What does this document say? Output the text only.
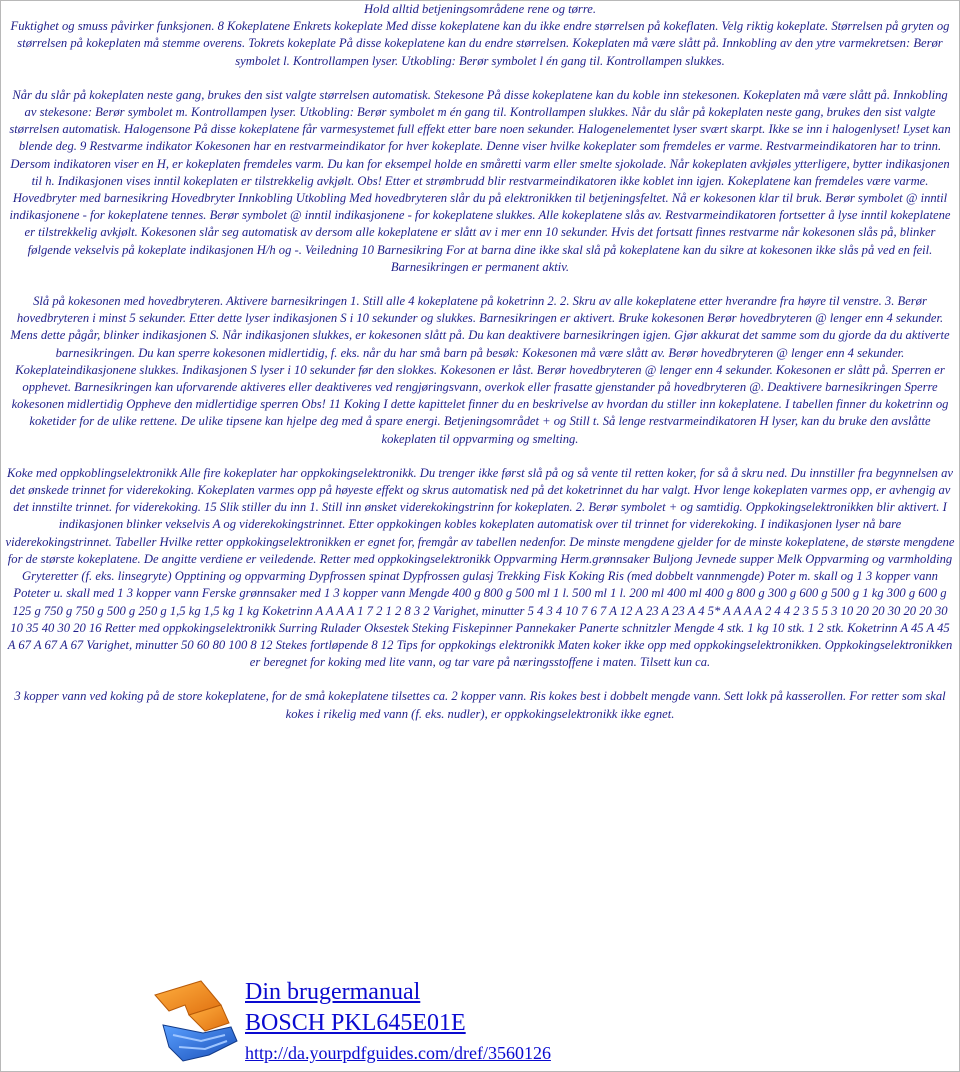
Hold alltid betjeningsområdene rene og tørre.

Fuktighet og smuss påvirker funksjonen. 8 Kokeplatene Enkrets kokeplate Med disse kokeplatene kan du ikke endre størrelsen på kokeflaten. Velg riktig kokeplate. Størrelsen på gryten og størrelsen på kokeplaten må stemme overens. Tokrets kokeplate På disse kokeplatene kan du endre størrelsen. Kokeplaten må være slått på. Innkobling av den ytre varmekretsen: Berør symbolet l. Kontrollampen lyser. Utkobling: Berør symbolet l én gang til. Kontrollampen slukkes.

Når du slår på kokeplaten neste gang, brukes den sist valgte størrelsen automatisk. Stekesone På disse kokeplatene kan du koble inn stekesonen. Kokeplaten må være slått på. Innkobling av stekesone: Berør symbolet m. Kontrollampen lyser. Utkobling: Berør symbolet m én gang til. Kontrollampen slukkes. Når du slår på kokeplaten neste gang, brukes den sist valgte størrelsen automatisk. Halogensone På disse kokeplatene får varmesystemet full effekt etter bare noen sekunder. Halogenelementet lyser svært skarpt. Ikke se inn i halogenlyset! Lyset kan blende deg. 9 Restvarme indikator Kokesonen har en restvarmeindikator for hver kokeplate. Denne viser hvilke kokeplater som fremdeles er varme. Restvarmeindikatoren har to trinn. Dersom indikatoren viser en H, er kokeplaten fremdeles varm. Du kan for eksempel holde en småretti varm eller smelte sjokolade. Når kokeplaten avkjøles ytterligere, bytter indikasjonen til h. Indikasjonen vises inntil kokeplaten er tilstrekkelig avkjølt. Obs! Etter et strømbrudd blir restvarmeindikatoren ikke koblet inn igjen. Kokeplatene kan fremdeles være varme. Hovedbryter med barnesikring Hovedbryter Innkobling Utkobling Med hovedbryteren slår du på elektronikken til betjeningsfeltet. Nå er kokesonen klar til bruk. Berør symbolet @ inntil indikasjonene - for kokeplatene tennes. Berør symbolet @ inntil indikasjonene - for kokeplatene slukkes. Alle kokeplatene slås av. Restvarmeindikatoren fortsetter å lyse inntil kokeplatene er tilstrekkelig avkjølt. Kokesonen slår seg automatisk av dersom alle kokeplatene er slått av i mer enn 10 sekunder. Hvis det fortsatt finnes restvarme når kokesonen slås på, blinker følgende vekselvis på kokeplate indikasjonen H/h og -. Veiledning 10 Barnesikring For at barna dine ikke skal slå på kokeplatene kan du sikre at kokesonen ikke slås på ved en feil. Barnesikringen er permanent aktiv.

Slå på kokesonen med hovedbryteren. Aktivere barnesikringen 1. Still alle 4 kokeplatene på koketrinn 2. 2. Skru av alle kokeplatene etter hverandre fra høyre til venstre. 3. Berør hovedbryteren i minst 5 sekunder. Etter dette lyser indikasjonen S i 10 sekunder og slukkes. Barnesikringen er aktivert. Bruke kokesonen Berør hovedbryteren @ lenger enn 4 sekunder. Mens dette pågår, blinker indikasjonen S. Når indikasjonen slukkes, er kokesonen slått på. Du kan deaktivere barnesikringen igjen. Gjør akkurat det samme som du gjorde da du aktiverte barnesikringen. Du kan sperre kokesonen midlertidig, f. eks. når du har små barn på besøk: Kokesonen må være slått av. Berør hovedbryteren @ lenger enn 4 sekunder. Kokeplateindikasjonene slukkes. Indikasjonen S lyser i 10 sekunder før den slokkes. Kokesonen er låst. Berør hovedbryteren @ lenger enn 4 sekunder. Kokesonen er slått på. Sperren er opphevet. Barnesikringen kan uforvarende aktiveres eller deaktiveres ved rengjøringsvann, overkok eller frasatte gjenstander på hovedbryteren @. Deaktivere barnesikringen Sperre kokesonen midlertidig Oppheve den midlertidige sperren Obs! 11 Koking I dette kapittelet finner du en beskrivelse av hvordan du stiller inn kokeplatene. I tabellen finner du koketrinn og koketider for de ulike rettene. De ulike tipsene kan hjelpe deg med å spare energi. Betjeningsområdet + og Still t. Så lenge restvarmeindikatoren H lyser, kan du bruke den avslåtte kokeplaten til oppvarming og smelting.

Koke med oppkoblingselektronikk Alle fire kokeplater har oppkokingselektronikk. Du trenger ikke først slå på og så vente til retten koker, for så å skru ned. Du innstiller fra begynnelsen av det ønskede trinnet for viderekoking. Kokeplaten varmes opp på høyeste effekt og skrus automatisk ned på det koketrinnet du har valgt. Hvor lenge kokeplaten varmes opp, er avhengig av det innstilte trinnet. for viderekoking. 15 Slik stiller du inn 1. Still inn ønsket viderekokingstrinn for kokeplaten. 2. Berør symbolet + og samtidig. Oppkokingselektronikken blir aktivert. I indikasjonen blinker vekselvis A og viderekokingstrinnet. Etter oppkokingen kobles kokeplaten automatisk over til trinnet for viderekoking. I indikasjonen lyser nå bare viderekokingstrinnet. Tabeller Hvilke retter oppkokingselektronikken er egnet for, fremgår av tabellen nedenfor. De minste mengdene gjelder for de minste kokeplatene, de største mengdene for de største kokeplatene. De angitte verdiene er veiledende. Retter med oppkokingselektronikk Oppvarming Herm.grønnsaker Buljong Jevnede supper Melk Oppvarming og varmholding Gryteretter (f. eks. linsegryte) Opptining og oppvarming Dypfrossen spinat Dypfrossen gulasj Trekking Fisk Koking Ris (med dobbelt vannmengde) Poter m. skall og 1 3 kopper vann Poteter u. skall med 1 3 kopper vann Ferske grønnsaker med 1 3 kopper vann Mengde 400 g 800 g 500 ml 1 l. 500 ml 1 l. 200 ml 400 ml 400 g 800 g 300 g 600 g 500 g 1 kg 300 g 600 g 125 g 750 g 750 g 500 g 250 g 1,5 kg 1,5 kg 1 kg Koketrinn A A A A 1 7 2 1 2 8 3 2 Varighet, minutter 5 4 3 4 10 7 6 7 A 12 A 23 A 23 A 4 5* A A A A 2 4 4 2 3 5 5 3 10 20 20 30 20 20 30 10 35 40 30 20 16 Retter med oppkokingselektronikk Surring Rulader Oksestek Steking Fiskepinner Pannekaker Panerte schnitzler Mengde 4 stk. 1 kg 10 stk. 1 2 stk. Koketrinn A 45 A 45 A 67 A 67 A 67 Varighet, minutter 50 60 80 100 8 12 Stekes fortløpende 8 12 Tips for oppkokings elektronikk Maten koker ikke opp med oppkokingselektronikken. Oppkokingselektronikken er beregnet for koking med lite vann, og tar vare på næringsstoffene i maten. Tilsett kun ca.

3 kopper vann ved koking på de store kokeplatene, for de små kokeplatene tilsettes ca. 2 kopper vann. Ris kokes best i dobbelt mengde vann. Sett lokk på kasserollen. For retter som skal kokes i rikelig med vann (f. eks. nudler), er oppkokingselektronikk ikke egnet.

Din brugermanual
BOSCH PKL645E01E
http://da.yourpdfguides.com/dref/3560126
